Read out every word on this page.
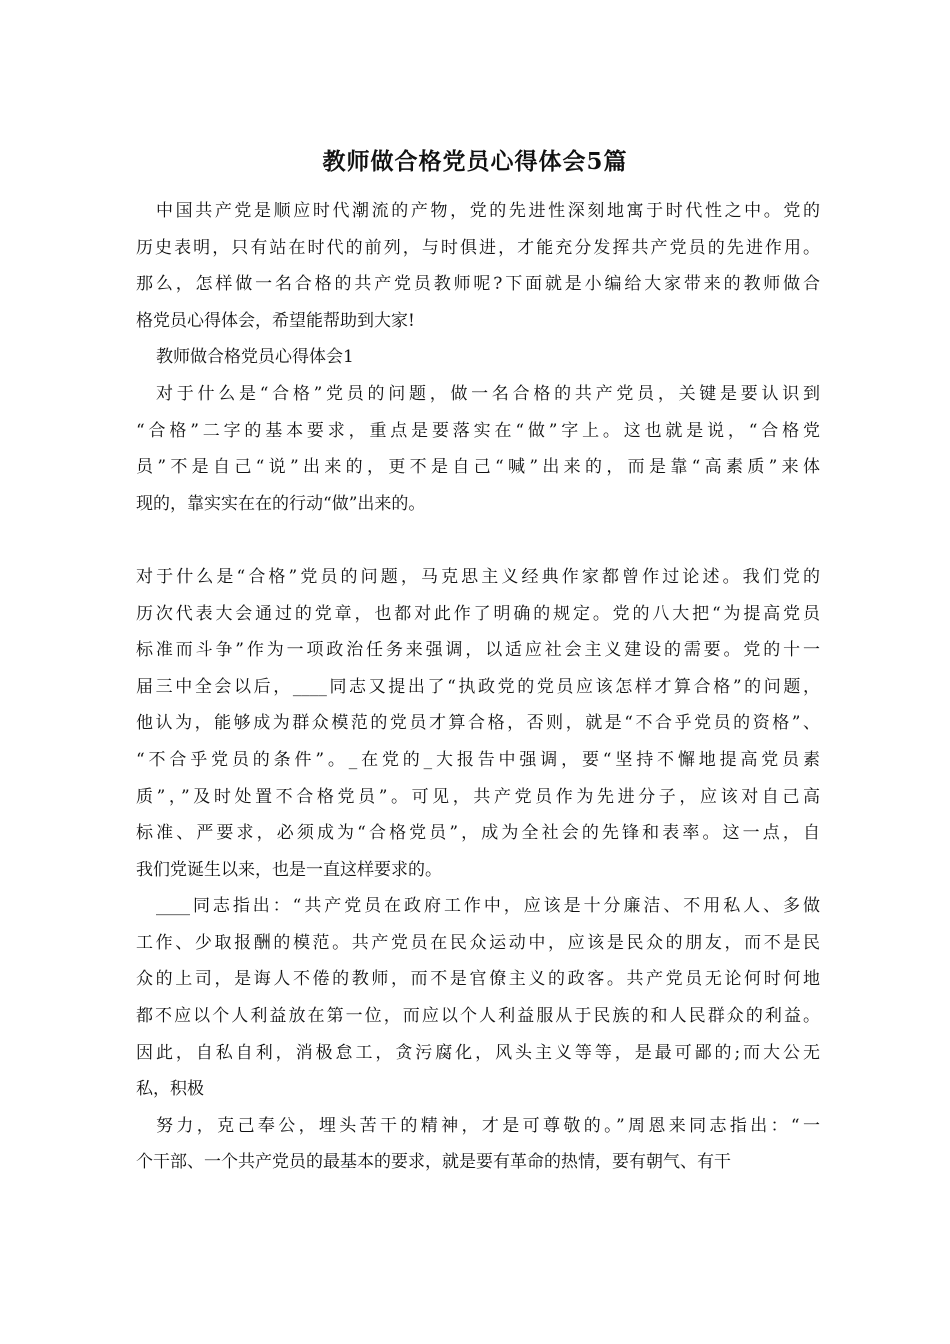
教师做合格党员心得体会5篇
中国共产党是顺应时代潮流的产物，党的先进性深刻地寓于时代性之中。党的
历史表明，只有站在时代的前列，与时俱进，才能充分发挥共产党员的先进作用。
那么，怎样做一名合格的共产党员教师呢?下面就是小编给大家带来的教师做合
格党员心得体会，希望能帮助到大家!
教师做合格党员心得体会1
对于什么是“合格”党员的问题，做一名合格的共产党员，关键是要认识到
“合格”二字的基本要求，重点是要落实在“做”字上。这也就是说，“合格党
员”不是自己“说”出来的，更不是自己“喊”出来的，而是靠“高素质”来体
现的，靠实实在在的行动“做”出来的。
对于什么是“合格”党员的问题，马克思主义经典作家都曾作过论述。我们党的
历次代表大会通过的党章，也都对此作了明确的规定。党的八大把“为提高党员
标准而斗争”作为一项政治任务来强调，以适应社会主义建设的需要。党的十一
届三中全会以后，____同志又提出了“执政党的党员应该怎样才算合格”的问题，
他认为，能够成为群众模范的党员才算合格，否则，就是“不合乎党员的资格”、
“不合乎党员的条件”。_在党的_大报告中强调，要“坚持不懈地提高党员素
质”，”及时处置不合格党员”。可见，共产党员作为先进分子，应该对自己高
标准、严要求，必须成为“合格党员”，成为全社会的先锋和表率。这一点，自
我们党诞生以来，也是一直这样要求的。
____同志指出：“共产党员在政府工作中，应该是十分廉洁、不用私人、多做
工作、少取报酬的模范。共产党员在民众运动中，应该是民众的朋友，而不是民
众的上司，是诲人不倦的教师，而不是官僚主义的政客。共产党员无论何时何地
都不应以个人利益放在第一位，而应以个人利益服从于民族的和人民群众的利益。
因此，自私自利，消极怠工，贪污腐化，风头主义等等，是最可鄙的;而大公无
私，积极
努力，克己奉公，埋头苦干的精神，才是可尊敬的。”周恩来同志指出：“一
个干部、一个共产党员的最基本的要求，就是要有革命的热情，要有朝气、有干
